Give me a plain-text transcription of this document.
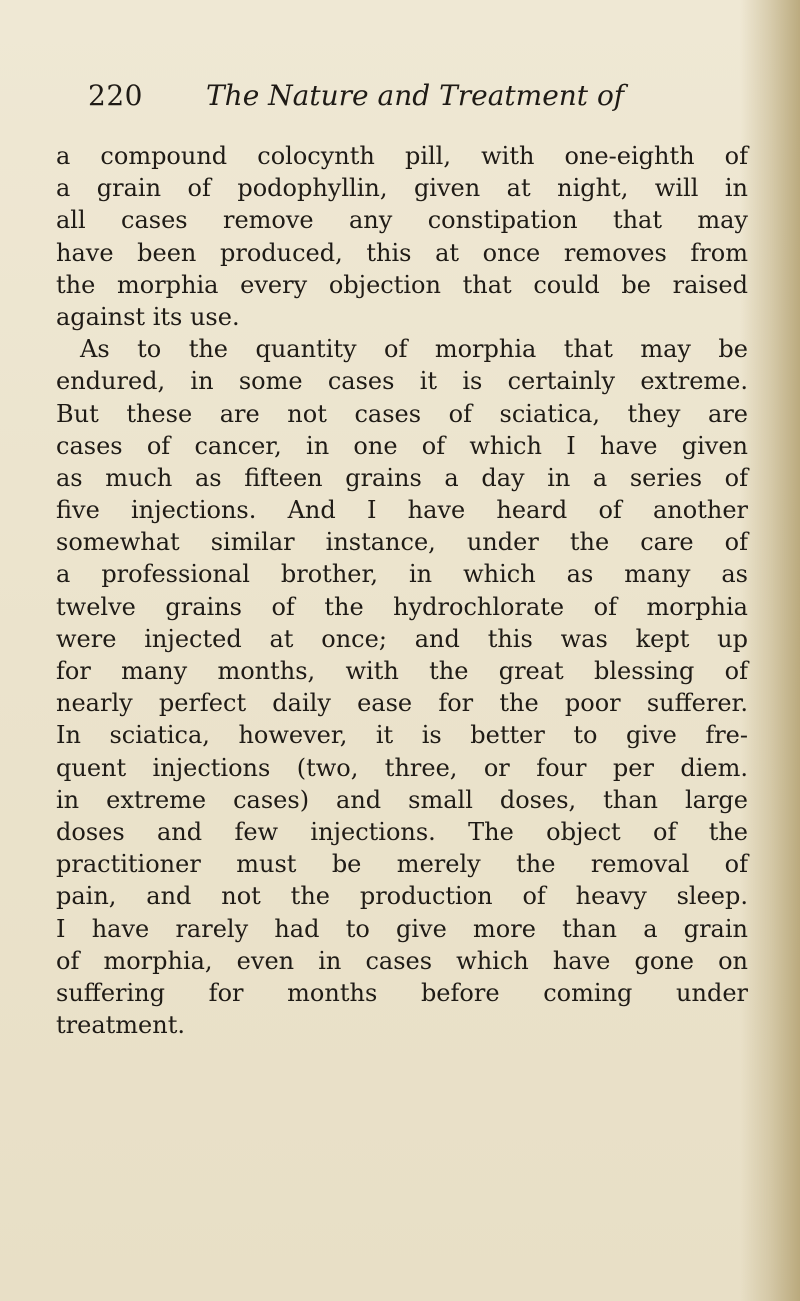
220 The Nature and Treatment of
a compound colocynth pill, with one-eighth of
a grain of podophyllin, given at night, will in
all cases remove any constipation that may
have been produced, this at once removes from
the morphia every objection that could be raised
against its use.
As to the quantity of morphia that may be
endured, in some cases it is certainly extreme.
But these are not cases of sciatica, they are
cases of cancer, in one of which I have given
as much as fifteen grains a day in a series of
five injections. And I have heard of another
somewhat similar instance, under the care of
a professional brother, in which as many as
twelve grains of the hydrochlorate of morphia
were injected at once; and this was kept up
for many months, with the great blessing of
nearly perfect daily ease for the poor sufferer.
In sciatica, however, it is better to give fre-
quent injections (two, three, or four per diem.
in extreme cases) and small doses, than large
doses and few injections. The object of the
practitioner must be merely the removal of
pain, and not the production of heavy sleep.
I have rarely had to give more than a grain
of morphia, even in cases which have gone on
suffering for months before coming under
treatment.
